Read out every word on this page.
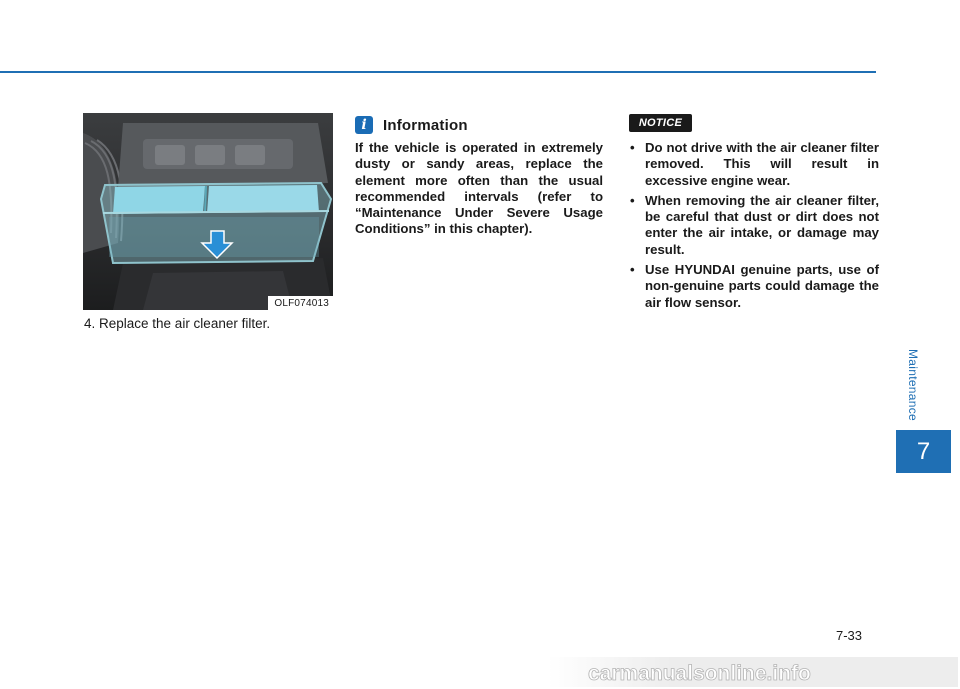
OLF074013
4. Replace the air cleaner filter.
i Information
If the vehicle is operated in extremely dusty or sandy areas, replace the element more often than the usual recommended intervals (refer to “Maintenance Under Severe Usage Conditions” in this chapter).
NOTICE
• Do not drive with the air cleaner filter removed. This will result in excessive engine wear.
• When removing the air cleaner filter, be careful that dust or dirt does not enter the air intake, or damage may result.
• Use HYUNDAI genuine parts, use of non-genuine parts could damage the air flow sensor.
Maintenance
7
7-33
carmanualsonline.info
